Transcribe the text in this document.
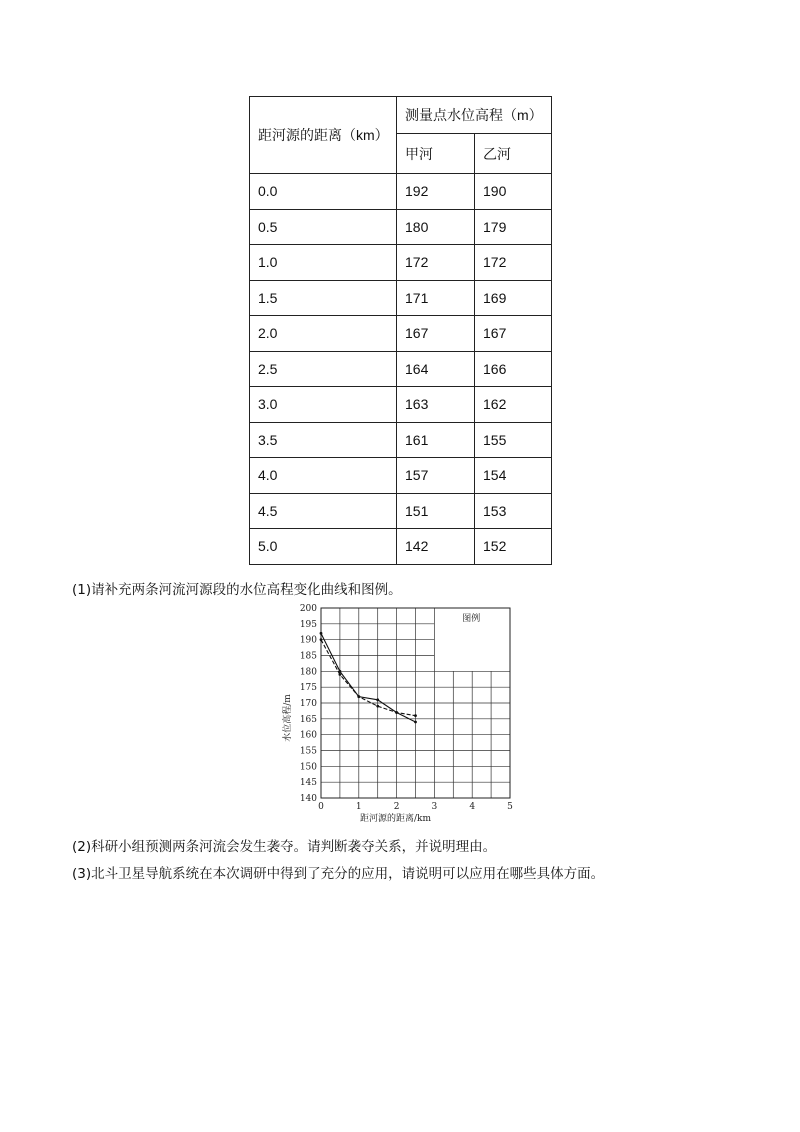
距河源的距离（km）	测量点水位高程（m）	
	甲河	乙河
0.0	192	190
0.5	180	179
1.0	172	172
1.5	171	169
2.0	167	167
2.5	164	166
3.0	163	162
3.5	161	155
4.0	157	154
4.5	151	153
5.0	142	152
(1)请补充两条河流河源段的水位高程变化曲线和图例。
图例
140
145
150
155
160
165
170
175
180
185
190
195
200
0	1	2	3	4	5
距河源的距离/km
水位高程/m
(2)科研小组预测两条河流会发生袭夺。请判断袭夺关系，并说明理由。
(3)北斗卫星导航系统在本次调研中得到了充分的应用，请说明可以应用在哪些具体方面。
